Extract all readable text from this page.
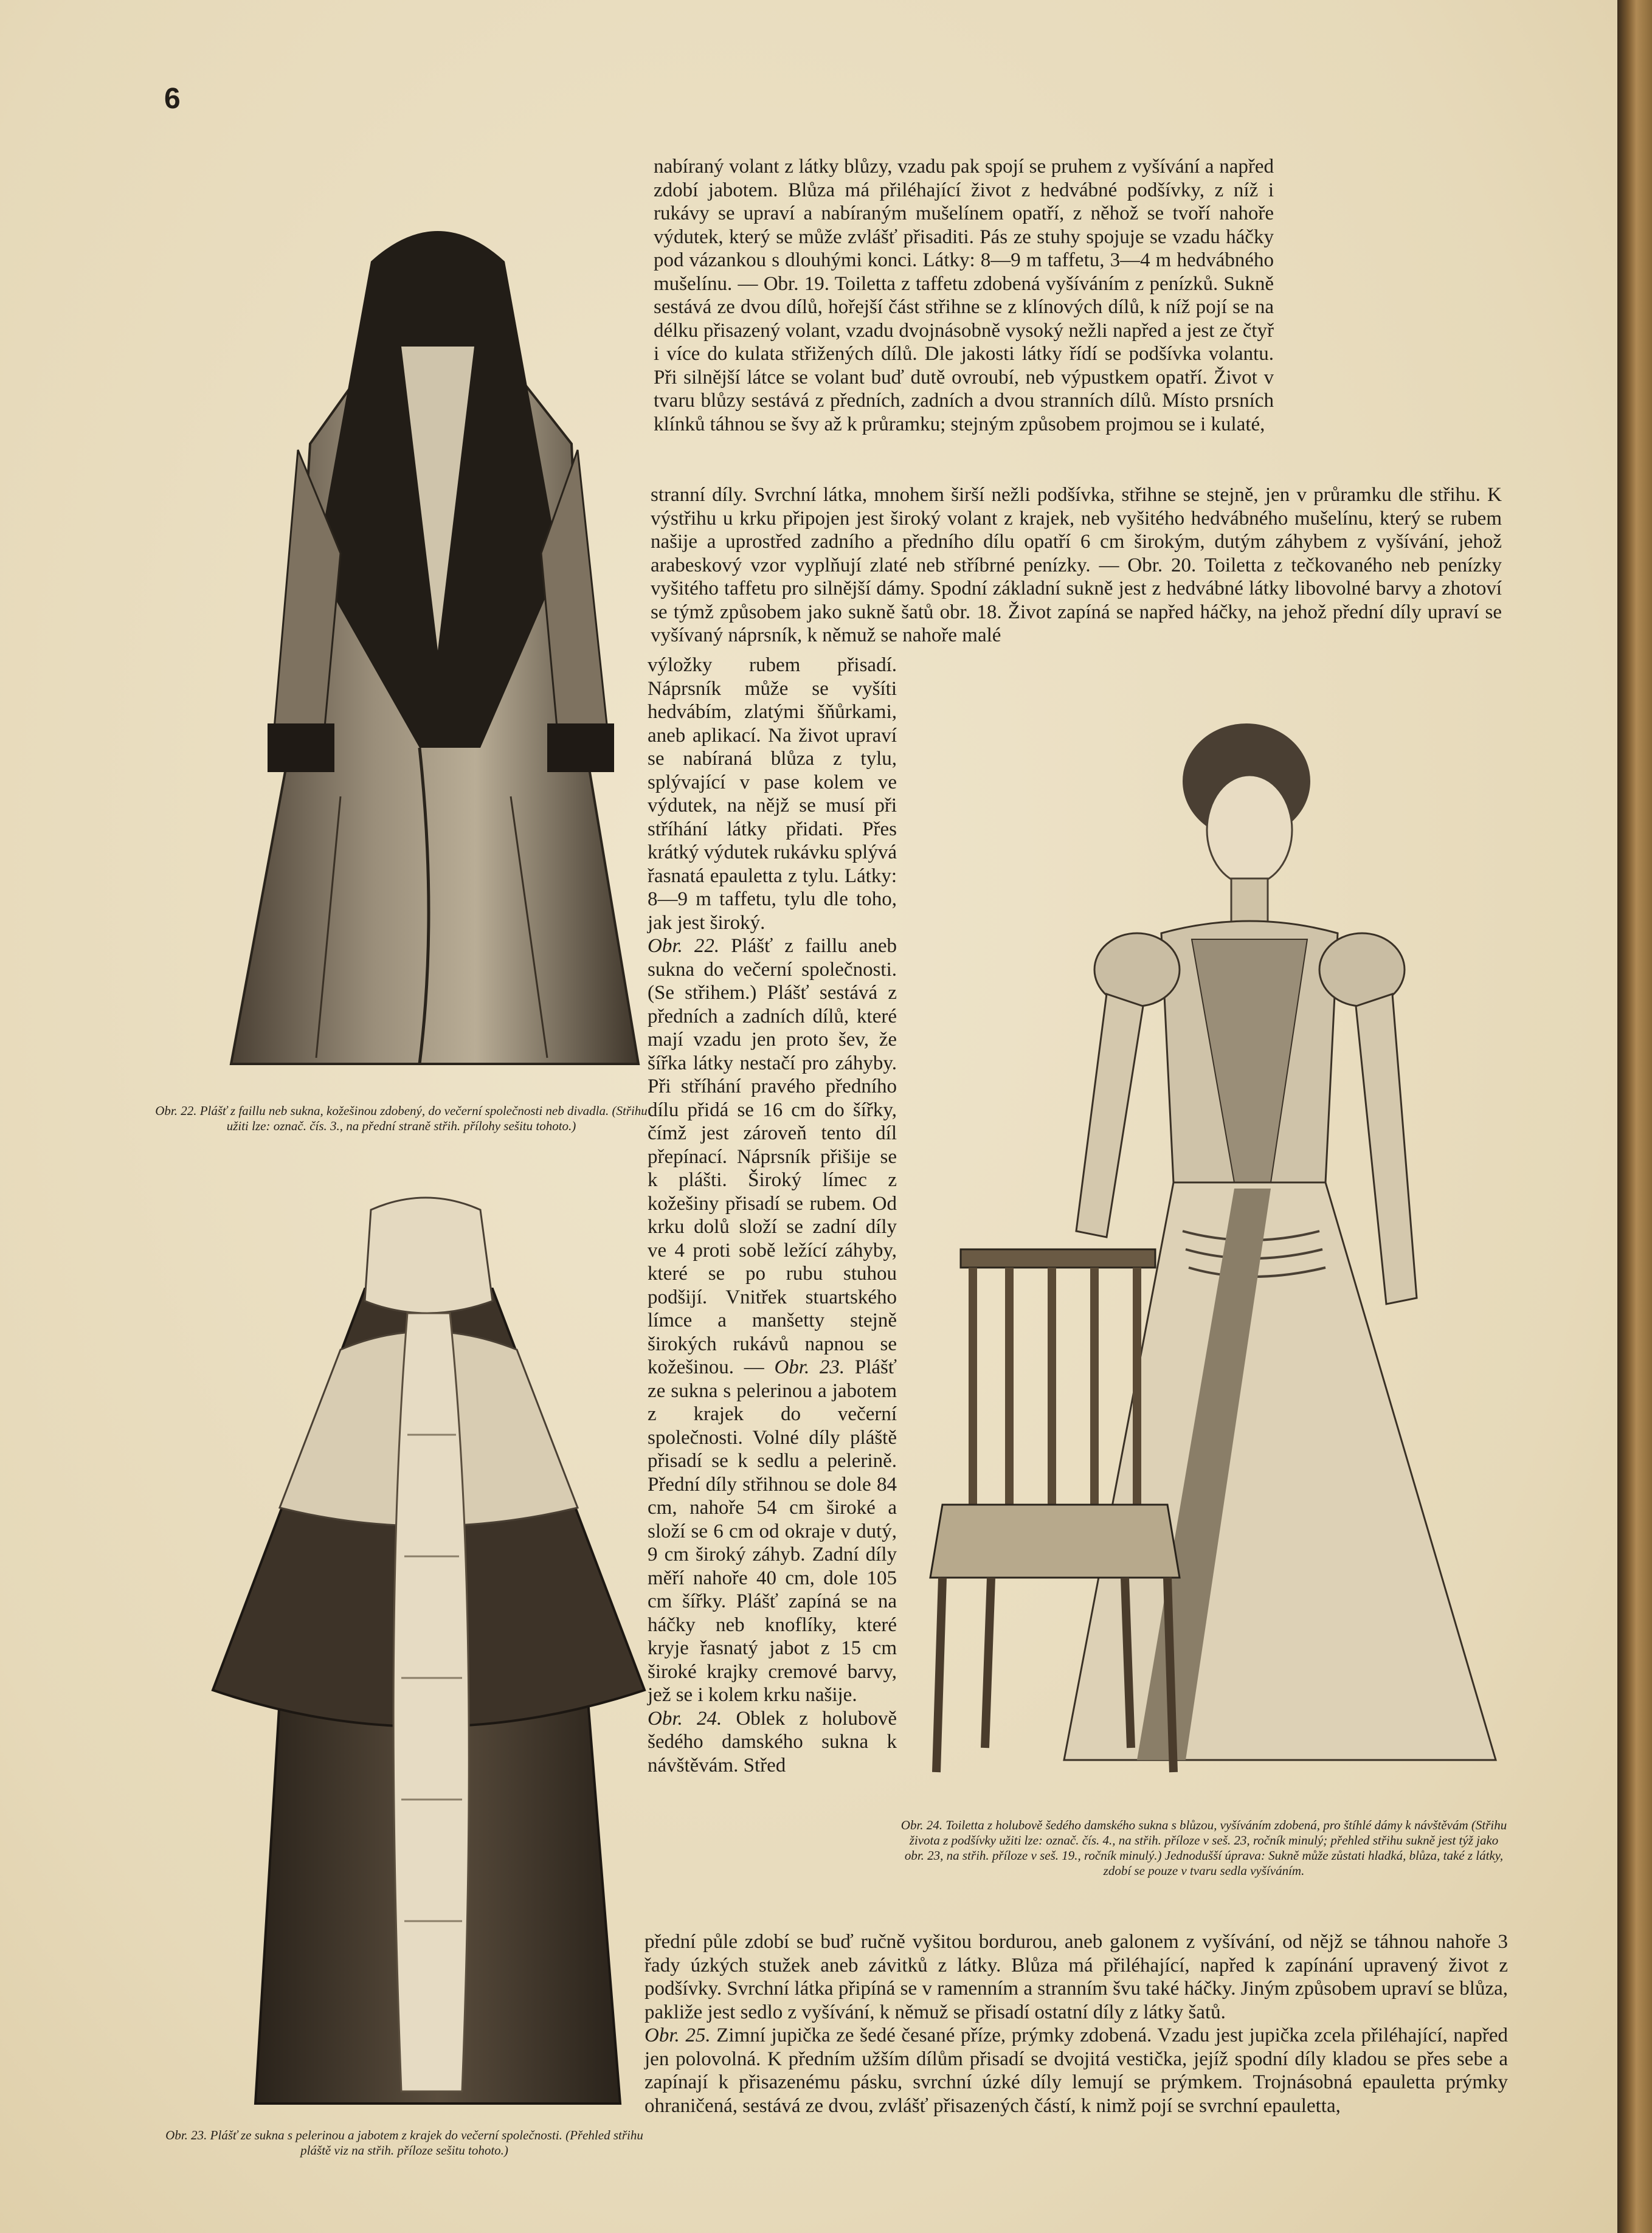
6
Obr. 22. Plášť z faillu neb sukna, kožešinou zdobený, do večerní společnosti neb divadla. (Střihu užiti lze: označ. čís. 3., na přední straně střih. přílohy sešitu tohoto.)
Obr. 23. Plášť ze sukna s pelerinou a jabotem z krajek do večerní společnosti. (Přehled střihu pláště viz na střih. příloze sešitu tohoto.)
Obr. 24. Toiletta z holubově šedého damského sukna s blůzou, vyšíváním zdobená, pro štíhlé dámy k návštěvám (Střihu života z podšívky užiti lze: označ. čís. 4., na střih. příloze v seš. 23, ročník minulý; přehled střihu sukně jest týž jako obr. 23, na střih. příloze v seš. 19., ročník minulý.) Jednodušší úprava: Sukně může zůstati hladká, blůza, také z látky, zdobí se pouze v tvaru sedla vyšíváním.
nabíraný volant z látky blůzy, vzadu pak spojí se pruhem z vyšívání a napřed zdobí jabotem. Blůza má přiléhající život z hedvábné podšívky, z níž i rukávy se upraví a nabíraným mušelínem opatří, z něhož se tvoří nahoře výdutek, který se může zvlášť přisaditi. Pás ze stuhy spojuje se vzadu háčky pod vázankou s dlouhými konci. Látky: 8—9 m taffetu, 3—4 m hedvábného mušelínu. — Obr. 19. Toiletta z taffetu zdobená vyšíváním z penízků. Sukně sestává ze dvou dílů, hořejší část střihne se z klínových dílů, k níž pojí se na délku přisazený volant, vzadu dvojnásobně vysoký nežli napřed a jest ze čtyř i více do kulata střižených dílů. Dle jakosti látky řídí se podšívka volantu. Při silnější látce se volant buď dutě ovroubí, neb výpustkem opatří. Život v tvaru blůzy sestává z předních, zadních a dvou stranních dílů. Místo prsních klínků táhnou se švy až k průramku; stejným způsobem projmou se i kulaté,
stranní díly. Svrchní látka, mnohem širší nežli podšívka, střihne se stejně, jen v průramku dle střihu. K výstřihu u krku připojen jest široký volant z krajek, neb vyšitého hedvábného mušelínu, který se rubem našije a uprostřed zadního a předního dílu opatří 6 cm širokým, dutým záhybem z vyšívání, jehož arabeskový vzor vyplňují zlaté neb stříbrné penízky. — Obr. 20. Toiletta z tečkovaného neb penízky vyšitého taffetu pro silnější dámy. Spodní základní sukně jest z hedvábné látky libovolné barvy a zhotoví se týmž způsobem jako sukně šatů obr. 18. Život zapíná se napřed háčky, na jehož přední díly upraví se vyšívaný náprsník, k němuž se nahoře malé

výložky rubem přisadí. Náprsník může se vyšíti hedvábím, zlatými šňůrkami, aneb aplikací. Na život upraví se nabíraná blůza z tylu, splývající v pase kolem ve výdutek, na nějž se musí při stříhání látky přidati. Přes krátký výdutek rukávku splývá řasnatá epauletta z tylu. Látky: 8—9 m taffetu, tylu dle toho, jak jest široký.

Obr. 22. Plášť z faillu aneb sukna do večerní společnosti. (Se střihem.) Plášť sestává z předních a zadních dílů, které mají vzadu jen proto šev, že šířka látky nestačí pro záhyby. Při stříhání pravého předního dílu přidá se 16 cm do šířky, čímž jest zároveň tento díl přepínací. Náprsník přišije se k plášti. Široký límec z kožešiny přisadí se rubem. Od krku dolů složí se zadní díly ve 4 proti sobě ležící záhyby, které se po rubu stuhou podšijí. Vnitřek stuartského límce a manšetty stejně širokých rukávů napnou se kožešinou. — Obr. 23. Plášť ze sukna s pelerinou a jabotem z krajek do večerní společnosti. Volné díly pláště přisadí se k sedlu a pelerině. Přední díly střihnou se dole 84 cm, nahoře 54 cm široké a složí se 6 cm od okraje v dutý, 9 cm široký záhyb. Zadní díly měří nahoře 40 cm, dole 105 cm šířky. Plášť zapíná se na háčky neb knoflíky, které kryje řasnatý jabot z 15 cm široké krajky cremové barvy, jež se i kolem krku našije.

Obr. 24. Oblek z holubově šedého damského sukna k návštěvám. Střed

přední půle zdobí se buď ručně vyšitou bordurou, aneb galonem z vyšívání, od nějž se táhnou nahoře 3 řady úzkých stužek aneb závitků z látky. Blůza má přiléhající, napřed k zapínání upravený život z podšívky. Svrchní látka připíná se v ramenním a stranním švu také háčky. Jiným způsobem upraví se blůza, pakliže jest sedlo z vyšívání, k němuž se přisadí ostatní díly z látky šatů.

Obr. 25. Zimní jupička ze šedé česané příze, prýmky zdobená. Vzadu jest jupička zcela přiléhající, napřed jen polovolná. K předním užším dílům přisadí se dvojitá vestička, jejíž spodní díly kladou se přes sebe a zapínají k přisazenému pásku, svrchní úzké díly lemují se prýmkem. Trojnásobná epauletta prýmky ohraničená, sestává ze dvou, zvlášť přisazených částí, k nimž pojí se svrchní epauletta,
